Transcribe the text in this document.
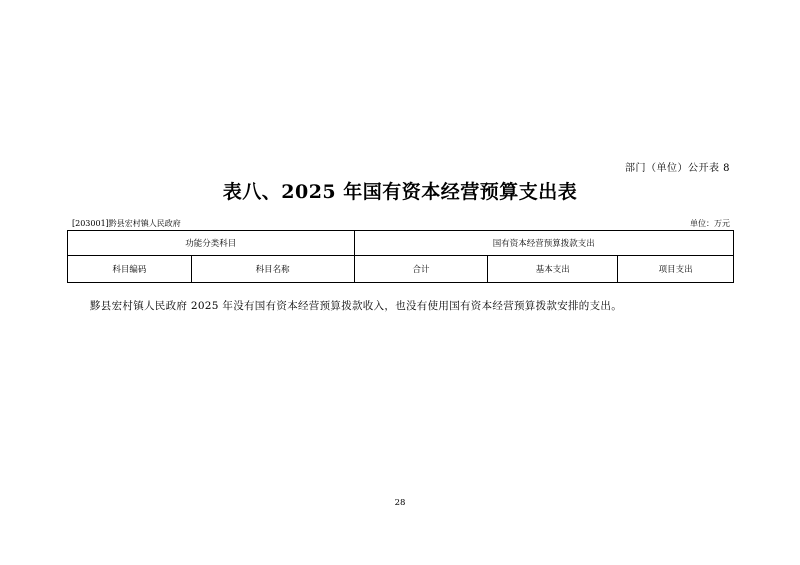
部门（单位）公开表 8
表八、2025 年国有资本经营预算支出表
[203001]黔县宏村镇人民政府	单位：万元
功能分类科目		国有资本经营预算拨款支出		
科目编码	科目名称	合计	基本支出	项目支出
黟县宏村镇人民政府 2025 年没有国有资本经营预算拨款收入，也没有使用国有资本经营预算拨款安排的支出。
28
